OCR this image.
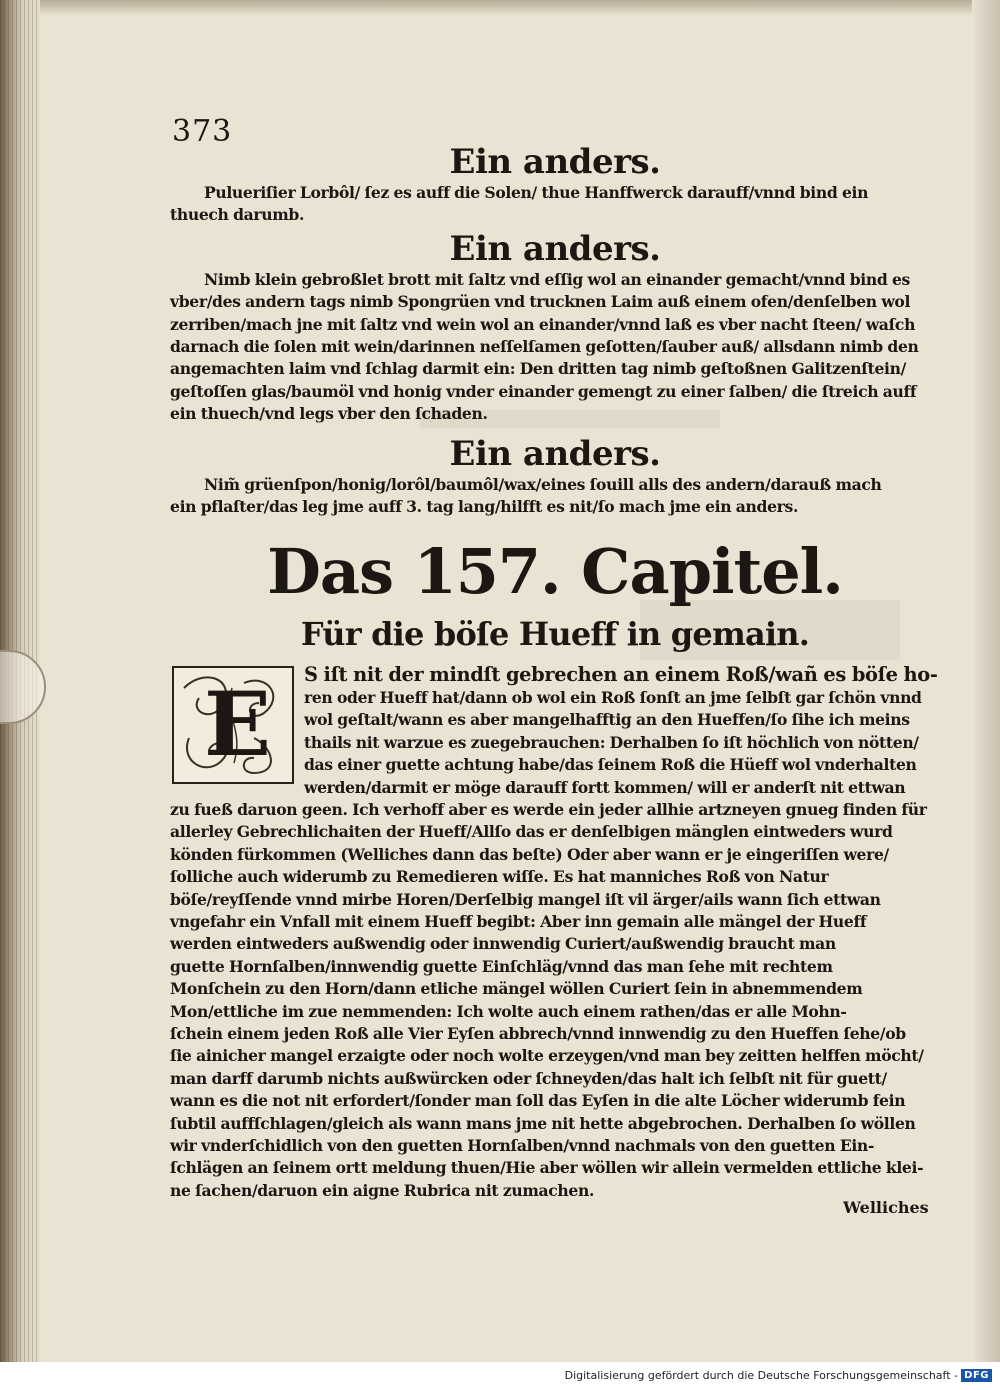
373
Ein anders.
Pulueriſier Lorbôl/ ſez es auff die Solen/ thue Hanffwerck darauff/vnnd bind ein
thuech darumb.
Ein anders.
Nimb klein gebroßlet brott mit ſaltz vnd eſſig wol an einander gemacht/vnnd bind es
vber/des andern tags nimb Spongrüen vnd trucknen Laim auß einem ofen/denſelben wol
zerriben/mach jne mit ſaltz vnd wein wol an einander/vnnd laß es vber nacht ſteen/ waſch
darnach die ſolen mit wein/darinnen neſſelſamen geſotten/ſauber auß/ allsdann nimb den
angemachten laim vnd ſchlag darmit ein: Den dritten tag nimb geſtoßnen Galitzenſtein/
geſtoſſen glas/baumöl vnd honig vnder einander gemengt zu einer ſalben/ die ſtreich auff
ein thuech/vnd legs vber den ſchaden.
Ein anders.
Nim̃ grüenſpon/honig/lorôl/baumôl/wax/eines ſouill alls des andern/darauß mach
ein pflaſter/das leg jme auff 3. tag lang/hilfft es nit/ſo mach jme ein anders.
Das 157. Capitel.
Für die böſe Hueff in gemain.
E	S iſt nit der mindſt gebrechen an einem Roß/wañ es böſe ho-
ren oder Hueff hat/dann ob wol ein Roß ſonſt an jme ſelbſt gar ſchön vnnd
wol geſtalt/wann es aber mangelhafftig an den Hueffen/ſo ſihe ich meins
thails nit warzue es zuegebrauchen: Derhalben ſo iſt höchlich von nötten/
das einer guette achtung habe/das ſeinem Roß die Hüeff wol vnderhalten
werden/darmit er möge darauff fortt kommen/ will er anderſt nit ettwan
zu fueß daruon geen. Ich verhoff aber es werde ein jeder allhie artzneyen gnueg finden für
allerley Gebrechlichaiten der Hueff/Allſo das er denſelbigen mänglen eintweders wurd
könden fürkommen (Welliches dann das beſte) Oder aber wann er je eingeriſſen were/
ſolliche auch widerumb zu Remedieren wiſſe. Es hat manniches Roß von Natur
böſe/reyſſende vnnd mirbe Horen/Derſelbig mangel iſt vil ärger/ails wann ſich ettwan
vngefahr ein Vnfall mit einem Hueff begibt: Aber inn gemain alle mängel der Hueff
werden eintweders außwendig oder innwendig Curiert/außwendig braucht man
guette Hornſalben/innwendig guette Einſchläg/vnnd das man ſehe mit rechtem
Monſchein zu den Horn/dann etliche mängel wöllen Curiert ſein in abnemmendem
Mon/ettliche im zue nemmenden: Ich wolte auch einem rathen/das er alle Mohn-
ſchein einem jeden Roß alle Vier Eyſen abbrech/vnnd innwendig zu den Hueffen ſehe/ob
ſie ainicher mangel erzaigte oder noch wolte erzeygen/vnd man bey zeitten helffen möcht/
man darff darumb nichts außwürcken oder ſchneyden/das halt ich ſelbſt nit für guett/
wann es die not nit erfordert/ſonder man ſoll das Eyſen in die alte Löcher widerumb fein
ſubtil auffſchlagen/gleich als wann mans jme nit hette abgebrochen. Derhalben ſo wöllen
wir vnderſchidlich von den guetten Hornſalben/vnnd nachmals von den guetten Ein-
ſchlägen an ſeinem ortt meldung thuen/Hie aber wöllen wir allein vermelden ettliche klei-
ne ſachen/daruon ein aigne Rubrica nit zumachen.
Welliches
Digitalisierung gefördert durch die Deutsche Forschungsgemeinschaft - DFG
